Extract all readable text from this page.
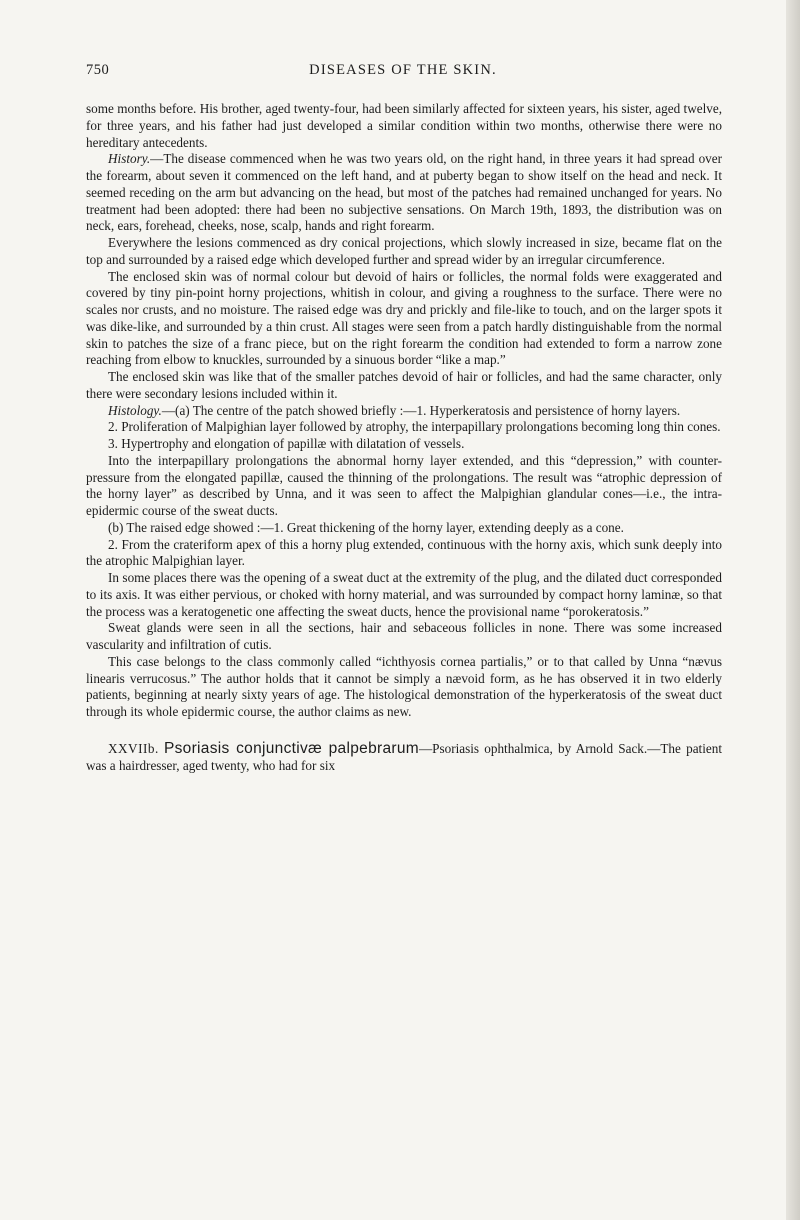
750	DISEASES OF THE SKIN.

some months before. His brother, aged twenty-four, had been similarly affected for sixteen years, his sister, aged twelve, for three years, and his father had just developed a similar condition within two months, otherwise there were no hereditary antecedents.

History.—The disease commenced when he was two years old, on the right hand, in three years it had spread over the forearm, about seven it commenced on the left hand, and at puberty began to show itself on the head and neck. It seemed receding on the arm but advancing on the head, but most of the patches had remained unchanged for years. No treatment had been adopted: there had been no subjective sensations. On March 19th, 1893, the distribution was on neck, ears, forehead, cheeks, nose, scalp, hands and right forearm.

Everywhere the lesions commenced as dry conical projections, which slowly increased in size, became flat on the top and surrounded by a raised edge which developed further and spread wider by an irregular circumference.

The enclosed skin was of normal colour but devoid of hairs or follicles, the normal folds were exaggerated and covered by tiny pin-point horny projections, whitish in colour, and giving a roughness to the surface. There were no scales nor crusts, and no moisture. The raised edge was dry and prickly and file-like to touch, and on the larger spots it was dike-like, and surrounded by a thin crust. All stages were seen from a patch hardly distinguishable from the normal skin to patches the size of a franc piece, but on the right forearm the condition had extended to form a narrow zone reaching from elbow to knuckles, surrounded by a sinuous border “like a map.”

The enclosed skin was like that of the smaller patches devoid of hair or follicles, and had the same character, only there were secondary lesions included within it.

Histology.—(a) The centre of the patch showed briefly :—1. Hyperkeratosis and persistence of horny layers.

2. Proliferation of Malpighian layer followed by atrophy, the interpapillary prolongations becoming long thin cones.

3. Hypertrophy and elongation of papillæ with dilatation of vessels.

Into the interpapillary prolongations the abnormal horny layer extended, and this “depression,” with counter-pressure from the elongated papillæ, caused the thinning of the prolongations. The result was “atrophic depression of the horny layer” as described by Unna, and it was seen to affect the Malpighian glandular cones—i.e., the intra-epidermic course of the sweat ducts.

(b) The raised edge showed :—1. Great thickening of the horny layer, extending deeply as a cone.

2. From the crateriform apex of this a horny plug extended, continuous with the horny axis, which sunk deeply into the atrophic Malpighian layer.

In some places there was the opening of a sweat duct at the extremity of the plug, and the dilated duct corresponded to its axis. It was either pervious, or choked with horny material, and was surrounded by compact horny laminæ, so that the process was a keratogenetic one affecting the sweat ducts, hence the provisional name “porokeratosis.”

Sweat glands were seen in all the sections, hair and sebaceous follicles in none. There was some increased vascularity and infiltration of cutis.

This case belongs to the class commonly called “ichthyosis cornea partialis,” or to that called by Unna “nævus linearis verrucosus.” The author holds that it cannot be simply a nævoid form, as he has observed it in two elderly patients, beginning at nearly sixty years of age. The histological demonstration of the hyperkeratosis of the sweat duct through its whole epidermic course, the author claims as new.

XXVIIb. Psoriasis conjunctivæ palpebrarum—Psoriasis ophthalmica, by Arnold Sack.—The patient was a hairdresser, aged twenty, who had for six
